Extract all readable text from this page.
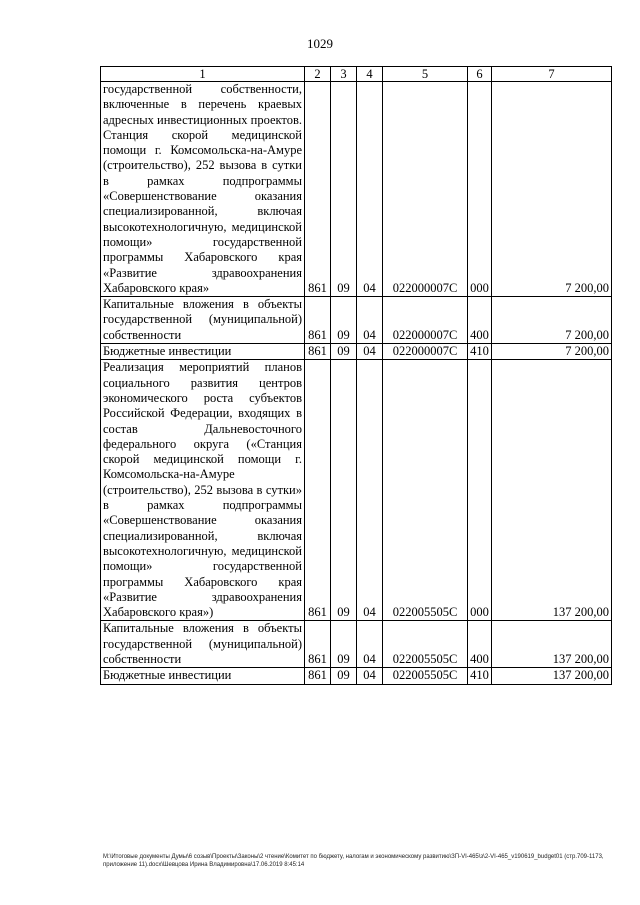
1029
1	2	3	4	5	6	7
государственной собственности, включенные в перечень краевых адресных инвестиционных проектов. Станция скорой медицинской помощи г. Комсомольска-на-Амуре (строительство), 252 вызова в сутки в рамках подпрограммы «Совершенствование оказания специализированной, включая высокотехнологичную, медицинской помощи» государственной программы Хабаровского края «Развитие здравоохранения Хабаровского края»	861	09	04	022000007С	000	7 200,00
Капитальные вложения в объекты государственной (муниципальной) собственности	861	09	04	022000007С	400	7 200,00
Бюджетные инвестиции	861	09	04	022000007С	410	7 200,00
Реализация мероприятий планов социального развития центров экономического роста субъектов Российской Федерации, входящих в состав Дальневосточного федерального округа («Станция скорой медицинской помощи г. Комсомольска-на-Амуре (строительство), 252 вызова в сутки» в рамках подпрограммы «Совершенствование оказания специализированной, включая высокотехнологичную, медицинской помощи» государственной программы Хабаровского края «Развитие здравоохранения Хабаровского края»)	861	09	04	022005505С	000	137 200,00
Капитальные вложения в объекты государственной (муниципальной) собственности	861	09	04	022005505С	400	137 200,00
Бюджетные инвестиции	861	09	04	022005505С	410	137 200,00
M:\Итоговые документы Думы\6 созыв\Проекты\Законы\2 чтение\Комитет по бюджету, налогам и экономическому развитию\ЗП-VI-465\з\2-VI-465_v190619_budget01 (стр.709-1173, приложение 11).docx\Шевцова Ирина Владимировна\17.06.2019 8:45:14
